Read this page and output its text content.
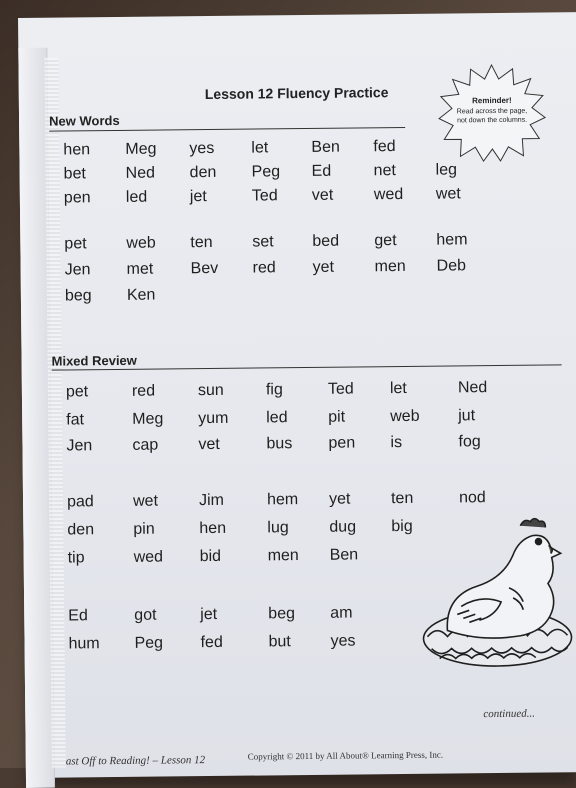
Lesson 12 Fluency Practice	Reminder!
Read across the page,
not down the columns.
New Words
hen Meg yes let	Ben fed
bet Ned den Peg Ed	net leg
pen led	jet	Ted vet	wed wet
pet web ten set bed get hem
Jen met Bev red yet	men Deb
beg Ken
Mixed Review
pet	red	sun	fig	Ted let	Ned
fat	Meg yum led	pit	web jut
Jen	cap	vet	bus pen is	fog
pad wet	Jim	hem yet	ten	nod
den pin	hen	lug	dug big
tip	wed bid	men Ben
Ed	got	jet	beg am
hum Peg fed	but yes
continued...
ast Off to Reading! – Lesson 12	Copyright © 2011 by All About® Learning Press, Inc.
